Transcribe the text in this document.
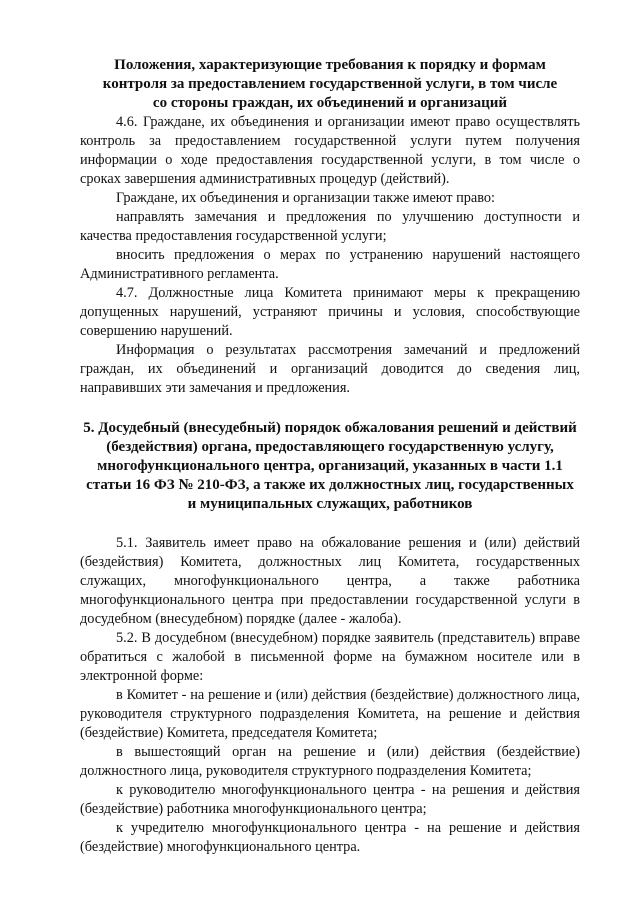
Положения, характеризующие требования к порядку и формам контроля за предоставлением государственной услуги, в том числе со стороны граждан, их объединений и организаций

4.6. Граждане, их объединения и организации имеют право осуществлять контроль за предоставлением государственной услуги путем получения информации о ходе предоставления государственной услуги, в том числе о сроках завершения административных процедур (действий).

Граждане, их объединения и организации также имеют право:

направлять замечания и предложения по улучшению доступности и качества предоставления государственной услуги;

вносить предложения о мерах по устранению нарушений настоящего Административного регламента.

4.7. Должностные лица Комитета принимают меры к прекращению допущенных нарушений, устраняют причины и условия, способствующие совершению нарушений.

Информация о результатах рассмотрения замечаний и предложений граждан, их объединений и организаций доводится до сведения лиц, направивших эти замечания и предложения.

5. Досудебный (внесудебный) порядок обжалования решений и действий (бездействия) органа, предоставляющего государственную услугу, многофункционального центра, организаций, указанных в части 1.1 статьи 16 ФЗ № 210-ФЗ, а также их должностных лиц, государственных и муниципальных служащих, работников

5.1. Заявитель имеет право на обжалование решения и (или) действий (бездействия) Комитета, должностных лиц Комитета, государственных служащих, многофункционального центра, а также работника многофункционального центра при предоставлении государственной услуги в досудебном (внесудебном) порядке (далее - жалоба).

5.2. В досудебном (внесудебном) порядке заявитель (представитель) вправе обратиться с жалобой в письменной форме на бумажном носителе или в электронной форме:

в Комитет - на решение и (или) действия (бездействие) должностного лица, руководителя структурного подразделения Комитета, на решение и действия (бездействие) Комитета, председателя Комитета;

в вышестоящий орган на решение и (или) действия (бездействие) должностного лица, руководителя структурного подразделения Комитета;

к руководителю многофункционального центра - на решения и действия (бездействие) работника многофункционального центра;

к учредителю многофункционального центра - на решение и действия (бездействие) многофункционального центра.
